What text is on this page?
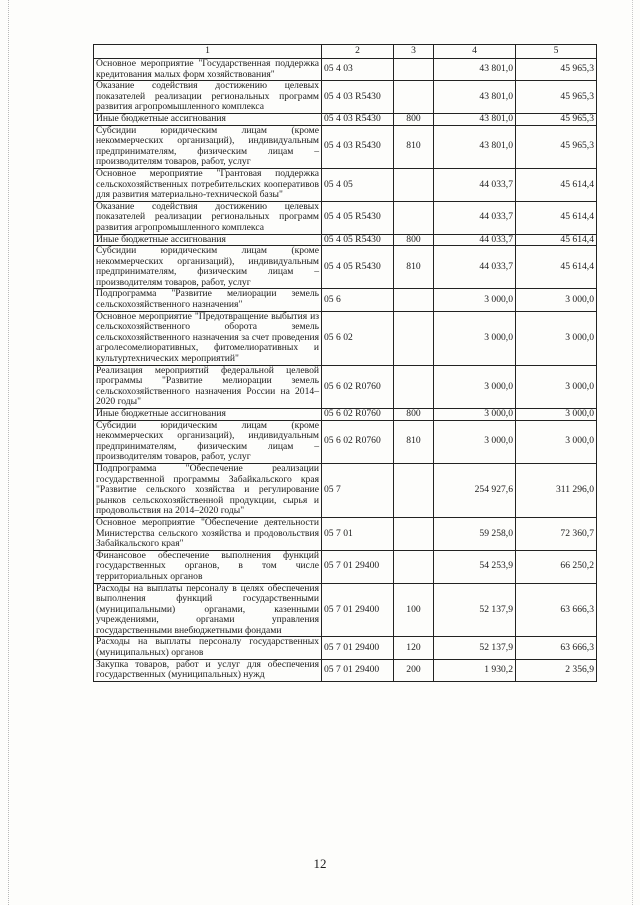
1	2	3	4	5
Основное мероприятие "Государственная поддержка кредитования малых форм хозяйствования"	05 4 03		43 801,0	45 965,3
Оказание содействия достижению целевых показателей реализации региональных программ развития агропромышленного комплекса	05 4 03 R5430		43 801,0	45 965,3
Иные бюджетные ассигнования	05 4 03 R5430	800	43 801,0	45 965,3
Субсидии юридическим лицам (кроме некоммерческих организаций), индивидуальным предпринимателям, физическим лицам – производителям товаров, работ, услуг	05 4 03 R5430	810	43 801,0	45 965,3
Основное мероприятие "Грантовая поддержка сельскохозяйственных потребительских кооперативов для развития материально-технической базы"	05 4 05		44 033,7	45 614,4
Оказание содействия достижению целевых показателей реализации региональных программ развития агропромышленного комплекса	05 4 05 R5430		44 033,7	45 614,4
Иные бюджетные ассигнования	05 4 05 R5430	800	44 033,7	45 614,4
Субсидии юридическим лицам (кроме некоммерческих организаций), индивидуальным предпринимателям, физическим лицам – производителям товаров, работ, услуг	05 4 05 R5430	810	44 033,7	45 614,4
Подпрограмма "Развитие мелиорации земель сельскохозяйственного назначения"	05 6		3 000,0	3 000,0
Основное мероприятие "Предотвращение выбытия из сельскохозяйственного оборота земель сельскохозяйственного назначения за счет проведения агролесомелиоративных, фитомелиоративных и культуртехнических мероприятий"	05 6 02		3 000,0	3 000,0
Реализация мероприятий федеральной целевой программы "Развитие мелиорации земель сельскохозяйственного назначения России на 2014–2020 годы"	05 6 02 R0760		3 000,0	3 000,0
Иные бюджетные ассигнования	05 6 02 R0760	800	3 000,0	3 000,0
Субсидии юридическим лицам (кроме некоммерческих организаций), индивидуальным предпринимателям, физическим лицам – производителям товаров, работ, услуг	05 6 02 R0760	810	3 000,0	3 000,0
Подпрограмма "Обеспечение реализации государственной программы Забайкальского края "Развитие сельского хозяйства и регулирование рынков сельскохозяйственной продукции, сырья и продовольствия на 2014–2020 годы"	05 7		254 927,6	311 296,0
Основное мероприятие "Обеспечение деятельности Министерства сельского хозяйства и продовольствия Забайкальского края"	05 7 01		59 258,0	72 360,7
Финансовое обеспечение выполнения функций государственных органов, в том числе территориальных органов	05 7 01 29400		54 253,9	66 250,2
Расходы на выплаты персоналу в целях обеспечения выполнения функций государственными (муниципальными) органами, казенными учреждениями, органами управления государственными внебюджетными фондами	05 7 01 29400	100	52 137,9	63 666,3
Расходы на выплаты персоналу государственных (муниципальных) органов	05 7 01 29400	120	52 137,9	63 666,3
Закупка товаров, работ и услуг для обеспечения государственных (муниципальных) нужд	05 7 01 29400	200	1 930,2	2 356,9
12
